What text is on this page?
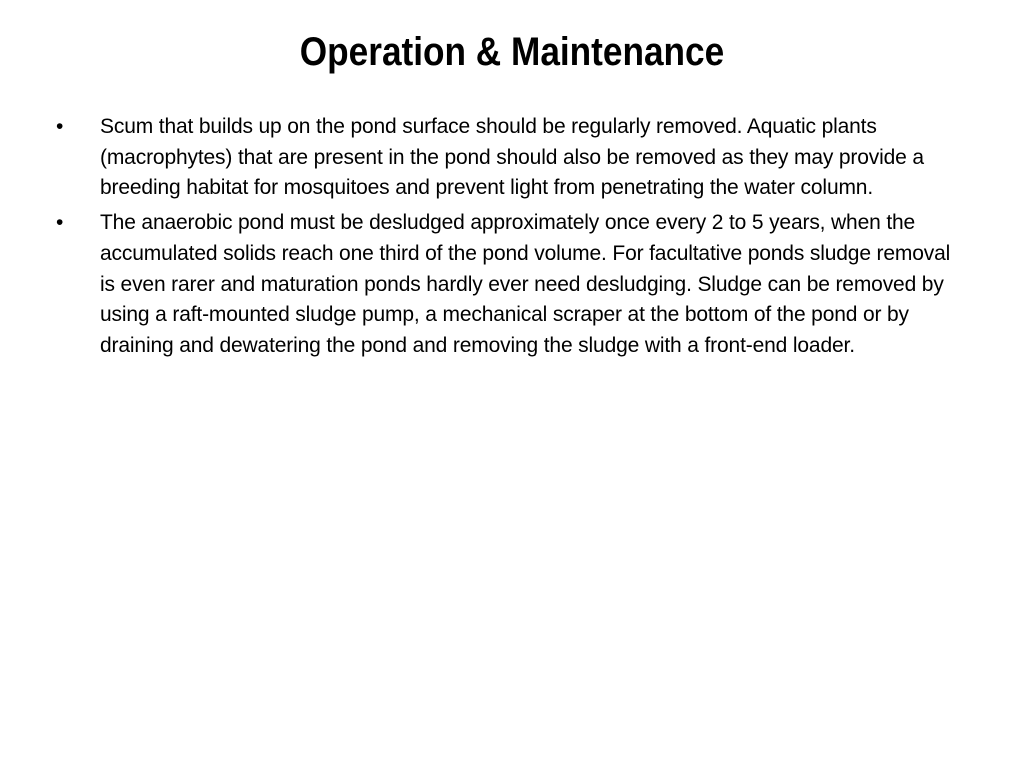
Operation & Maintenance
•	Scum that builds up on the pond surface should be regularly removed. Aquatic plants (macrophytes) that are present in the pond should also be removed as they may provide a breeding habitat for mosquitoes and prevent light from penetrating the water column.
•	The anaerobic pond must be desludged approximately once every 2 to 5 years, when the accumulated solids reach one third of the pond volume. For facultative ponds sludge removal is even rarer and maturation ponds hardly ever need desludging. Sludge can be removed by using a raft-mounted sludge pump, a mechanical scraper at the bottom of the pond or by draining and dewatering the pond and removing the sludge with a front-end loader.
